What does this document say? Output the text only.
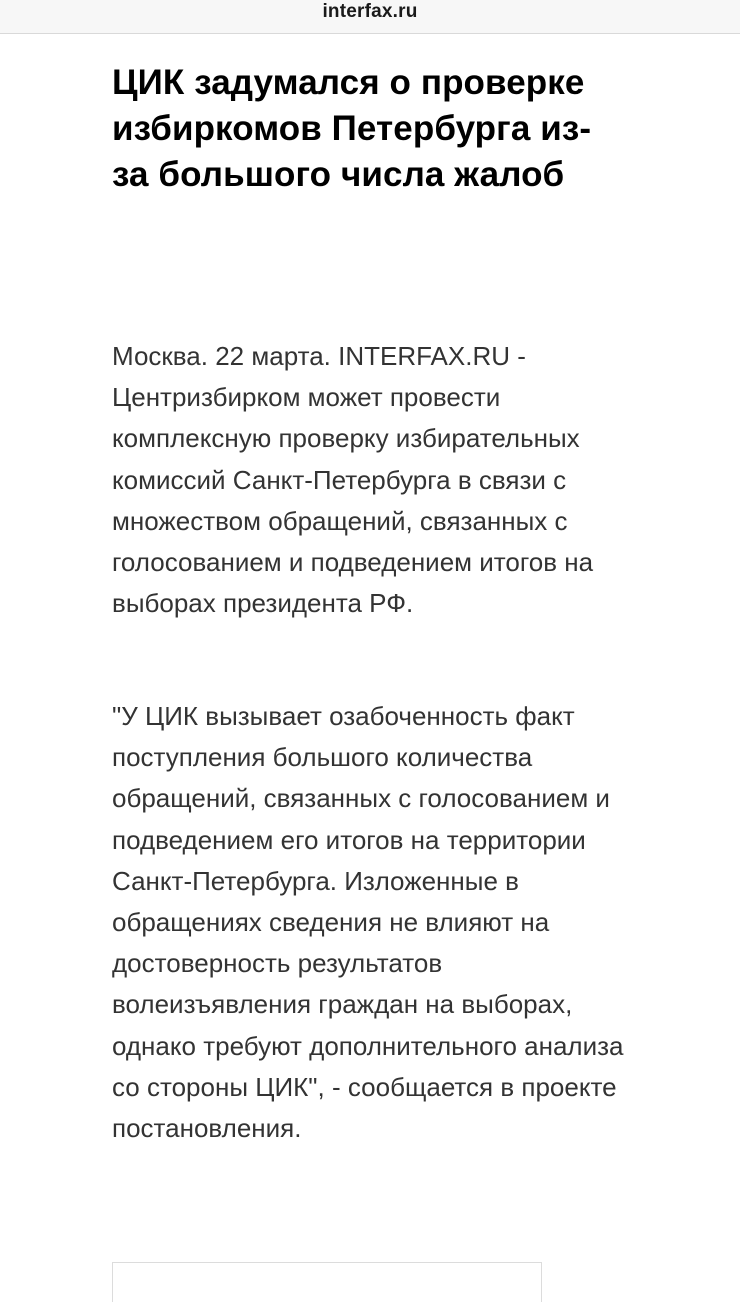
interfax.ru
ЦИК задумался о проверке избиркомов Петербурга из-за большого числа жалоб

Москва. 22 марта. INTERFAX.RU - Центризбирком может провести комплексную проверку избирательных комиссий Санкт-Петербурга в связи с множеством обращений, связанных с голосованием и подведением итогов на выборах президента РФ.

"У ЦИК вызывает озабоченность факт поступления большого количества обращений, связанных с голосованием и подведением его итогов на территории Санкт-Петербурга. Изложенные в обращениях сведения не влияют на достоверность результатов волеизъявления граждан на выборах, однако требуют дополнительного анализа со стороны ЦИК", - сообщается в проекте постановления.
